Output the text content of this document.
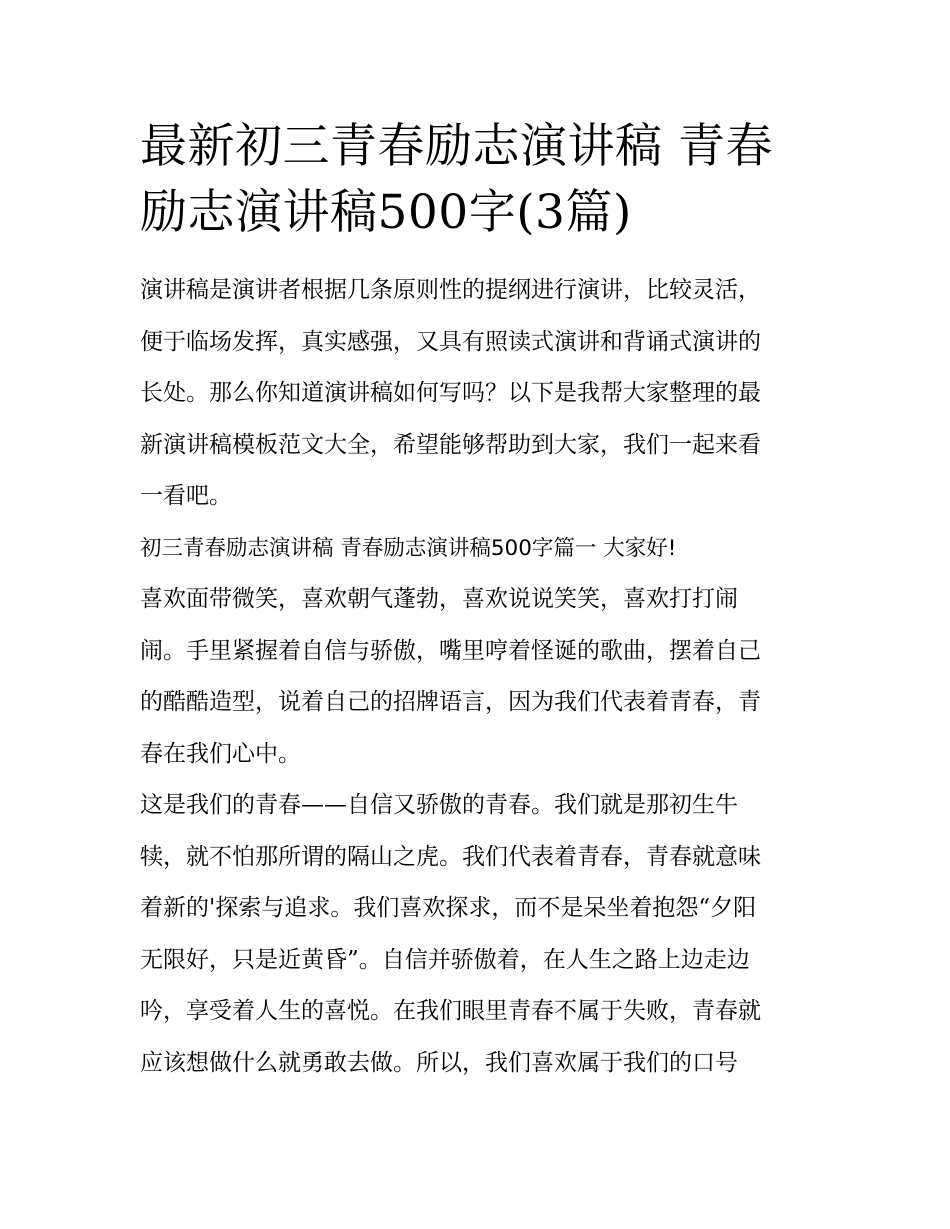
最新初三青春励志演讲稿 青春
励志演讲稿500字(3篇)

演讲稿是演讲者根据几条原则性的提纲进行演讲，比较灵活，
便于临场发挥，真实感强，又具有照读式演讲和背诵式演讲的
长处。那么你知道演讲稿如何写吗？以下是我帮大家整理的最
新演讲稿模板范文大全，希望能够帮助到大家，我们一起来看
一看吧。

初三青春励志演讲稿 青春励志演讲稿500字篇一 大家好!

喜欢面带微笑，喜欢朝气蓬勃，喜欢说说笑笑，喜欢打打闹
闹。手里紧握着自信与骄傲，嘴里哼着怪诞的歌曲，摆着自己
的酷酷造型，说着自己的招牌语言，因为我们代表着青春，青
春在我们心中。

这是我们的青春——自信又骄傲的青春。我们就是那初生牛
犊，就不怕那所谓的隔山之虎。我们代表着青春，青春就意味
着新的'探索与追求。我们喜欢探求，而不是呆坐着抱怨“夕阳
无限好，只是近黄昏”。自信并骄傲着，在人生之路上边走边
吟，享受着人生的喜悦。在我们眼里青春不属于失败，青春就
应该想做什么就勇敢去做。所以，我们喜欢属于我们的口号
